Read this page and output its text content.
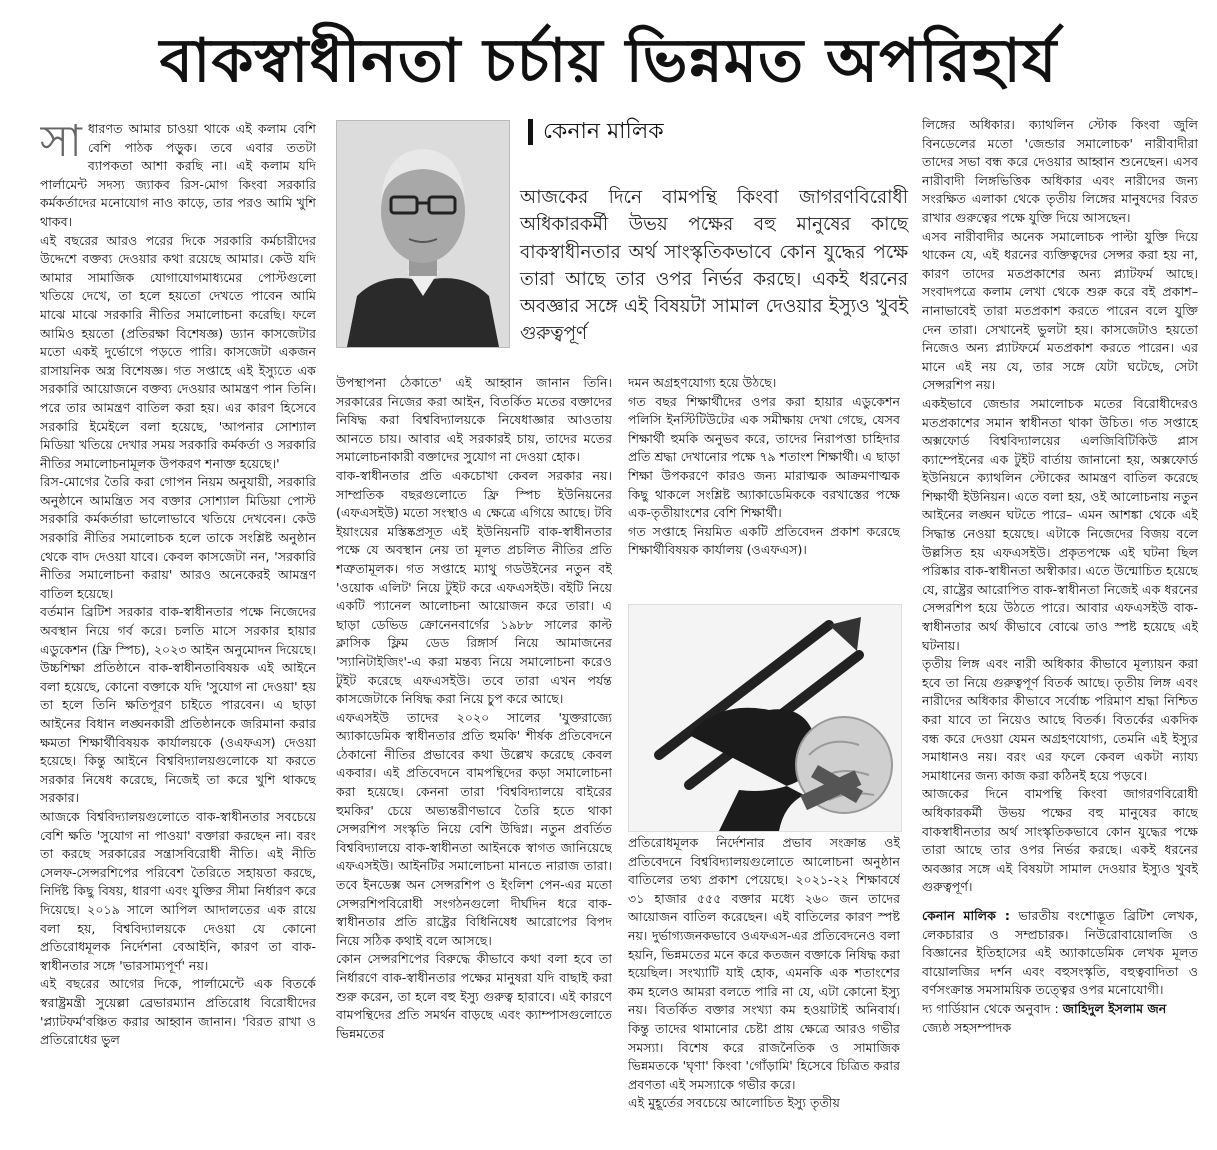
বাকস্বাধীনতা চর্চায় ভিন্নমত অপরিহার্য

সাধারণত আমার চাওয়া থাকে এই কলাম বেশি বেশি পাঠক পড়ুক। তবে এবার ততটা ব্যাপকতা আশা করছি না। এই কলাম যদি পার্লামেন্ট সদস্য জ্যাকব রিস-মোগ কিংবা সরকারি কর্মকর্তাদের মনোযোগ নাও কাড়ে, তার পরও আমি খুশি থাকব।

এই বছরের আরও পরের দিকে সরকারি কর্মচারীদের উদ্দেশে বক্তব্য দেওয়ার কথা রয়েছে আমার। কেউ যদি আমার সামাজিক যোগাযোগমাধ্যমের পোস্টগুলো খতিয়ে দেখে, তা হলে হয়তো দেখতে পাবেন আমি মাঝে মাঝে সরকারি নীতির সমালোচনা করেছি। ফলে আমিও হয়তো (প্রতিরক্ষা বিশেষজ্ঞ) ড্যান কাসজেটার মতো একই দুর্ভোগে পড়তে পারি। কাসজেটা একজন রাসায়নিক অস্ত্র বিশেষজ্ঞ। গত সপ্তাহে এই ইস্যুতে এক সরকারি আয়োজনে বক্তব্য দেওয়ার আমন্ত্রণ পান তিনি। পরে তার আমন্ত্রণ বাতিল করা হয়। এর কারণ হিসেবে সরকারি ইমেইলে বলা হয়েছে, 'আপনার সোশ্যাল মিডিয়া খতিয়ে দেখার সময় সরকারি কর্মকর্তা ও সরকারি নীতির সমালোচনামূলক উপকরণ শনাক্ত হয়েছে।'

রিস-মোগের তৈরি করা গোপন নিয়ম অনুযায়ী, সরকারি অনুষ্ঠানে আমন্ত্রিত সব বক্তার সোশ্যাল মিডিয়া পোস্ট সরকারি কর্মকর্তারা ভালোভাবে খতিয়ে দেখবেন। কেউ সরকারি নীতির সমালোচক হলে তাকে সংশ্লিষ্ট অনুষ্ঠান থেকে বাদ দেওয়া যাবে। কেবল কাসজেটা নন, 'সরকারি নীতির সমালোচনা করায়' আরও অনেকেরই আমন্ত্রণ বাতিল হয়েছে।

বর্তমান ব্রিটিশ সরকার বাক-স্বাধীনতার পক্ষে নিজেদের অবস্থান নিয়ে গর্ব করে। চলতি মাসে সরকার হায়ার এডুকেশন (ফ্রি স্পিচ), ২০২৩ আইন অনুমোদন দিয়েছে। উচ্চশিক্ষা প্রতিষ্ঠানে বাক-স্বাধীনতাবিষয়ক এই আইনে বলা হয়েছে, কোনো বক্তাকে যদি 'সুযোগ না দেওয়া' হয় তা হলে তিনি ক্ষতিপূরণ চাইতে পারবেন। এ ছাড়া আইনের বিধান লঙ্ঘনকারী প্রতিষ্ঠানকে জরিমানা করার ক্ষমতা শিক্ষার্থীবিষয়ক কার্যালয়কে (ওএফএস) দেওয়া হয়েছে। কিন্তু আইনে বিশ্ববিদ্যালয়গুলোকে যা করতে সরকার নিষেধ করেছে, নিজেই তা করে খুশি থাকছে সরকার।

আজকে বিশ্ববিদ্যালয়গুলোতে বাক-স্বাধীনতার সবচেয়ে বেশি ক্ষতি 'সুযোগ না পাওয়া' বক্তারা করছেন না। বরং তা করছে সরকারের সন্ত্রাসবিরোধী নীতি। এই নীতি সেলফ-সেন্সরশিপের পরিবেশ তৈরিতে সহায়তা করছে, নির্দিষ্ট কিছু বিষয়, ধারণা এবং যুক্তির সীমা নির্ধারণ করে দিয়েছে। ২০১৯ সালে আপিল আদালতের এক রায়ে বলা হয়, বিশ্ববিদ্যালয়কে দেওয়া যে কোনো প্রতিরোধমূলক নির্দেশনা বেআইনি, কারণ তা বাক-স্বাধীনতার সঙ্গে 'ভারসাম্যপূর্ণ' নয়।

এই বছরের আগের দিকে, পার্লামেন্টে এক বিতর্কে স্বরাষ্ট্রমন্ত্রী সুয়েল্লা ব্রেভারম্যান প্রতিরোধ বিরোধীদের 'প্ল্যাটফর্ম'বঞ্চিত করার আহ্বান জানান। 'বিরত রাখা ও প্রতিরোধের ভুল

কেনান মালিক
আজকের দিনে বামপন্থি কিংবা জাগরণবিরোধী অধিকারকর্মী উভয় পক্ষের বহু মানুষের কাছে বাকস্বাধীনতার অর্থ সাংস্কৃতিকভাবে কোন যুদ্ধের পক্ষে তারা আছে তার ওপর নির্ভর করছে। একই ধরনের অবজ্ঞার সঙ্গে এই বিষয়টা সামাল দেওয়ার ইস্যুও খুবই গুরুত্বপূর্ণ

উপস্থাপনা ঠেকাতে' এই আহ্বান জানান তিনি। সরকারের নিজের করা আইন, বিতর্কিত মতের বক্তাদের নিষিদ্ধ করা বিশ্ববিদ্যালয়কে নিষেধাজ্ঞার আওতায় আনতে চায়। আবার এই সরকারই চায়, তাদের মতের সমালোচনাকারী বক্তাদের সুযোগ না দেওয়া হোক।

বাক-স্বাধীনতার প্রতি একচোখা কেবল সরকার নয়। সাম্প্রতিক বছরগুলোতে ফ্রি স্পিচ ইউনিয়নের (এফএসইউ) মতো সংস্থাও এ ক্ষেত্রে এগিয়ে আছে। টবি ইয়াংয়ের মস্তিষ্কপ্রসূত এই ইউনিয়নটি বাক-স্বাধীনতার পক্ষে যে অবস্থান নেয় তা মূলত প্রচলিত নীতির প্রতি শত্রুতামূলক। গত সপ্তাহে ম্যাথু গডউইনের নতুন বই 'ওয়োক এলিট' নিয়ে টুইট করে এফএসইউ। বইটি নিয়ে একটি প্যানেল আলোচনা আয়োজন করে তারা। এ ছাড়া ডেভিড ক্রোনেনবার্গের ১৯৮৮ সালের কাল্ট ক্লাসিক ফ্লিম ডেড রিঙ্গার্স নিয়ে আমাজনের 'স্যানিটাইজিং'-এ করা মন্তব্য নিয়ে সমালোচনা করেও টুইট করেছে এফএসইউ। তবে তারা এখন পর্যন্ত কাসজেটাকে নিষিদ্ধ করা নিয়ে চুপ করে আছে।

এফএসইউ তাদের ২০২০ সালের 'যুক্তরাজ্যে অ্যাকাডেমিক স্বাধীনতার প্রতি হুমকি' শীর্ষক প্রতিবেদনে ঠেকানো নীতির প্রভাবের কথা উল্লেখ করেছে কেবল একবার। এই প্রতিবেদনে বামপন্থিদের কড়া সমালোচনা করা হয়েছে। কেননা তারা 'বিশ্ববিদ্যালয়ে বাইরের হুমকির' চেয়ে অভ্যন্তরীণভাবে তৈরি হতে থাকা সেন্সরশিপ সংস্কৃতি নিয়ে বেশি উদ্বিগ্ন। নতুন প্রবর্তিত বিশ্ববিদ্যালয়ে বাক-স্বাধীনতা আইনকে স্বাগত জানিয়েছে এফএসইউ। আইনটির সমালোচনা মানতে নারাজ তারা। তবে ইনডেক্স অন সেন্সরশিপ ও ইংলিশ পেন-এর মতো সেন্সরশিপবিরোধী সংগঠনগুলো দীর্ঘদিন ধরে বাক-স্বাধীনতার প্রতি রাষ্ট্রের বিধিনিষেধ আরোপের বিপদ নিয়ে সঠিক কথাই বলে আসছে।

কোন সেন্সরশিপের বিরুদ্ধে কীভাবে কথা বলা হবে তা নির্ধারণে বাক-স্বাধীনতার পক্ষের মানুষরা যদি বাছাই করা শুরু করেন, তা হলে বহু ইস্যু গুরুত্ব হারাবে। এই কারণে বামপন্থিদের প্রতি সমর্থন বাড়ছে এবং ক্যাম্পাসগুলোতে ভিন্নমতের

দমন অগ্রহণযোগ্য হয়ে উঠছে।

গত বছর শিক্ষার্থীদের ওপর করা হায়ার এডুকেশন পলিসি ইনস্টিটিউটের এক সমীক্ষায় দেখা গেছে, যেসব শিক্ষার্থী হুমকি অনুভব করে, তাদের নিরাপত্তা চাহিদার প্রতি শ্রদ্ধা দেখানোর পক্ষে ৭৯ শতাংশ শিক্ষার্থী। এ ছাড়া শিক্ষা উপকরণে কারও জন্য মারাত্মক আক্রমণাত্মক কিছু থাকলে সংশ্লিষ্ট অ্যাকাডেমিককে বরখাস্তের পক্ষে এক-তৃতীয়াংশের বেশি শিক্ষার্থী।

গত সপ্তাহে নিয়মিত একটি প্রতিবেদন প্রকাশ করেছে শিক্ষার্থীবিষয়ক কার্যালয় (ওএফএস)।

প্রতিরোধমূলক নির্দেশনার প্রভাব সংক্রান্ত ওই প্রতিবেদনে বিশ্ববিদ্যালয়গুলোতে আলোচনা অনুষ্ঠান বাতিলের তথ্য প্রকাশ পেয়েছে। ২০২১-২২ শিক্ষাবর্ষে ৩১ হাজার ৫৫৫ বক্তার মধ্যে ২৬০ জন তাদের আয়োজন বাতিল করেছেন। এই বাতিলের কারণ স্পষ্ট নয়। দুর্ভাগ্যজনকভাবে ওএফএস-এর প্রতিবেদনেও বলা হয়নি, ভিন্নমতের মনে করে কতজন বক্তাকে নিষিদ্ধ করা হয়েছিল। সংখ্যাটি যাই হোক, এমনকি এক শতাংশের কম হলেও আমরা বলতে পারি না যে, এটা কোনো ইস্যু নয়। বিতর্কিত বক্তার সংখ্যা কম হওয়াটাই অনিবার্য। কিন্তু তাদের থামানোর চেষ্টা প্রায় ক্ষেত্রে আরও গভীর সমস্যা। বিশেষ করে রাজনৈতিক ও সামাজিক ভিন্নমতকে 'ঘৃণা' কিংবা 'গোঁড়ামি' হিসেবে চিত্রিত করার প্রবণতা এই সমস্যাকে গভীর করে।

এই মুহূর্তের সবচেয়ে আলোচিত ইস্যু তৃতীয়

লিঙ্গের অধিকার। ক্যাথলিন স্টোক কিংবা জুলি বিনডেলের মতো 'জেন্ডার সমালোচক' নারীবাদীরা তাদের সভা বন্ধ করে দেওয়ার আহ্বান শুনেছেন। এসব নারীবাদী লিঙ্গভিত্তিক অধিকার এবং নারীদের জন্য সংরক্ষিত এলাকা থেকে তৃতীয় লিঙ্গের মানুষদের বিরত রাখার গুরুত্বের পক্ষে যুক্তি দিয়ে আসছেন।

এসব নারীবাদীর অনেক সমালোচক পাল্টা যুক্তি দিয়ে থাকেন যে, এই ধরনের ব্যক্তিত্বদের সেন্সর করা হয় না, কারণ তাদের মতপ্রকাশের অন্য প্ল্যাটফর্ম আছে। সংবাদপত্রে কলাম লেখা থেকে শুরু করে বই প্রকাশ– নানাভাবেই তারা মতপ্রকাশ করতে পারেন বলে যুক্তি দেন তারা। সেখানেই ভুলটা হয়। কাসজেটাও হয়তো নিজেও অন্য প্ল্যাটফর্মে মতপ্রকাশ করতে পারেন। এর মানে এই নয় যে, তার সঙ্গে যেটা ঘটেছে, সেটা সেন্সরশিপ নয়।

একইভাবে জেন্ডার সমালোচক মতের বিরোধীদেরও মতপ্রকাশের সমান স্বাধীনতা থাকা উচিত। গত সপ্তাহে অক্সফোর্ড বিশ্ববিদ্যালয়ের এলজিবিটিকিউ প্লাস ক্যাম্পেইনের এক টুইট বার্তায় জানানো হয়, অক্সফোর্ড ইউনিয়নে ক্যাথলিন স্টোকের আমন্ত্রণ বাতিল করেছে শিক্ষার্থী ইউনিয়ন। এতে বলা হয়, ওই আলোচনায় নতুন আইনের লঙ্ঘন ঘটতে পারে– এমন আশঙ্কা থেকে এই সিদ্ধান্ত নেওয়া হয়েছে। এটাকে নিজেদের বিজয় বলে উল্লসিত হয় এফএসইউ। প্রকৃতপক্ষে এই ঘটনা ছিল পরিষ্কার বাক-স্বাধীনতা অস্বীকার। এতে উন্মোচিত হয়েছে যে, রাষ্ট্রের আরোপিত বাক-স্বাধীনতা নিজেই এক ধরনের সেন্সরশিপ হয়ে উঠতে পারে। আবার এফএসইউ বাক-স্বাধীনতার অর্থ কীভাবে বোঝে তাও স্পষ্ট হয়েছে এই ঘটনায়।

তৃতীয় লিঙ্গ এবং নারী অধিকার কীভাবে মূল্যায়ন করা হবে তা নিয়ে গুরুত্বপূর্ণ বিতর্ক আছে। তৃতীয় লিঙ্গ এবং নারীদের অধিকার কীভাবে সর্বোচ্চ পরিমাণ শ্রদ্ধা নিশ্চিত করা যাবে তা নিয়েও আছে বিতর্ক। বিতর্কের একদিক বন্ধ করে দেওয়া যেমন অগ্রহণযোগ্য, তেমনি এই ইস্যুর সমাধানও নয়। বরং এর ফলে কেবল একটা ন্যায্য সমাধানের জন্য কাজ করা কঠিনই হয়ে পড়বে।

আজকের দিনে বামপন্থি কিংবা জাগরণবিরোধী অধিকারকর্মী উভয় পক্ষের বহু মানুষের কাছে বাকস্বাধীনতার অর্থ সাংস্কৃতিকভাবে কোন যুদ্ধের পক্ষে তারা আছে তার ওপর নির্ভর করছে। একই ধরনের অবজ্ঞার সঙ্গে এই বিষয়টা সামাল দেওয়ার ইস্যুও খুবই গুরুত্বপূর্ণ।

কেনান মালিক : ভারতীয় বংশোদ্ভূত ব্রিটিশ লেখক, লেকচারার ও সম্প্রচারক। নিউরোবায়োলজি ও বিজ্ঞানের ইতিহাসের এই অ্যাকাডেমিক লেখক মূলত বায়োলজির দর্শন এবং বহুসংস্কৃতি, বহুত্ববাদিতা ও বর্ণসংক্রান্ত সমসাময়িক তত্ত্বের ওপর মনোযোগী।

দ্য গার্ডিয়ান থেকে অনুবাদ : জাহিদুল ইসলাম জন

জ্যেষ্ঠ সহসম্পাদক
